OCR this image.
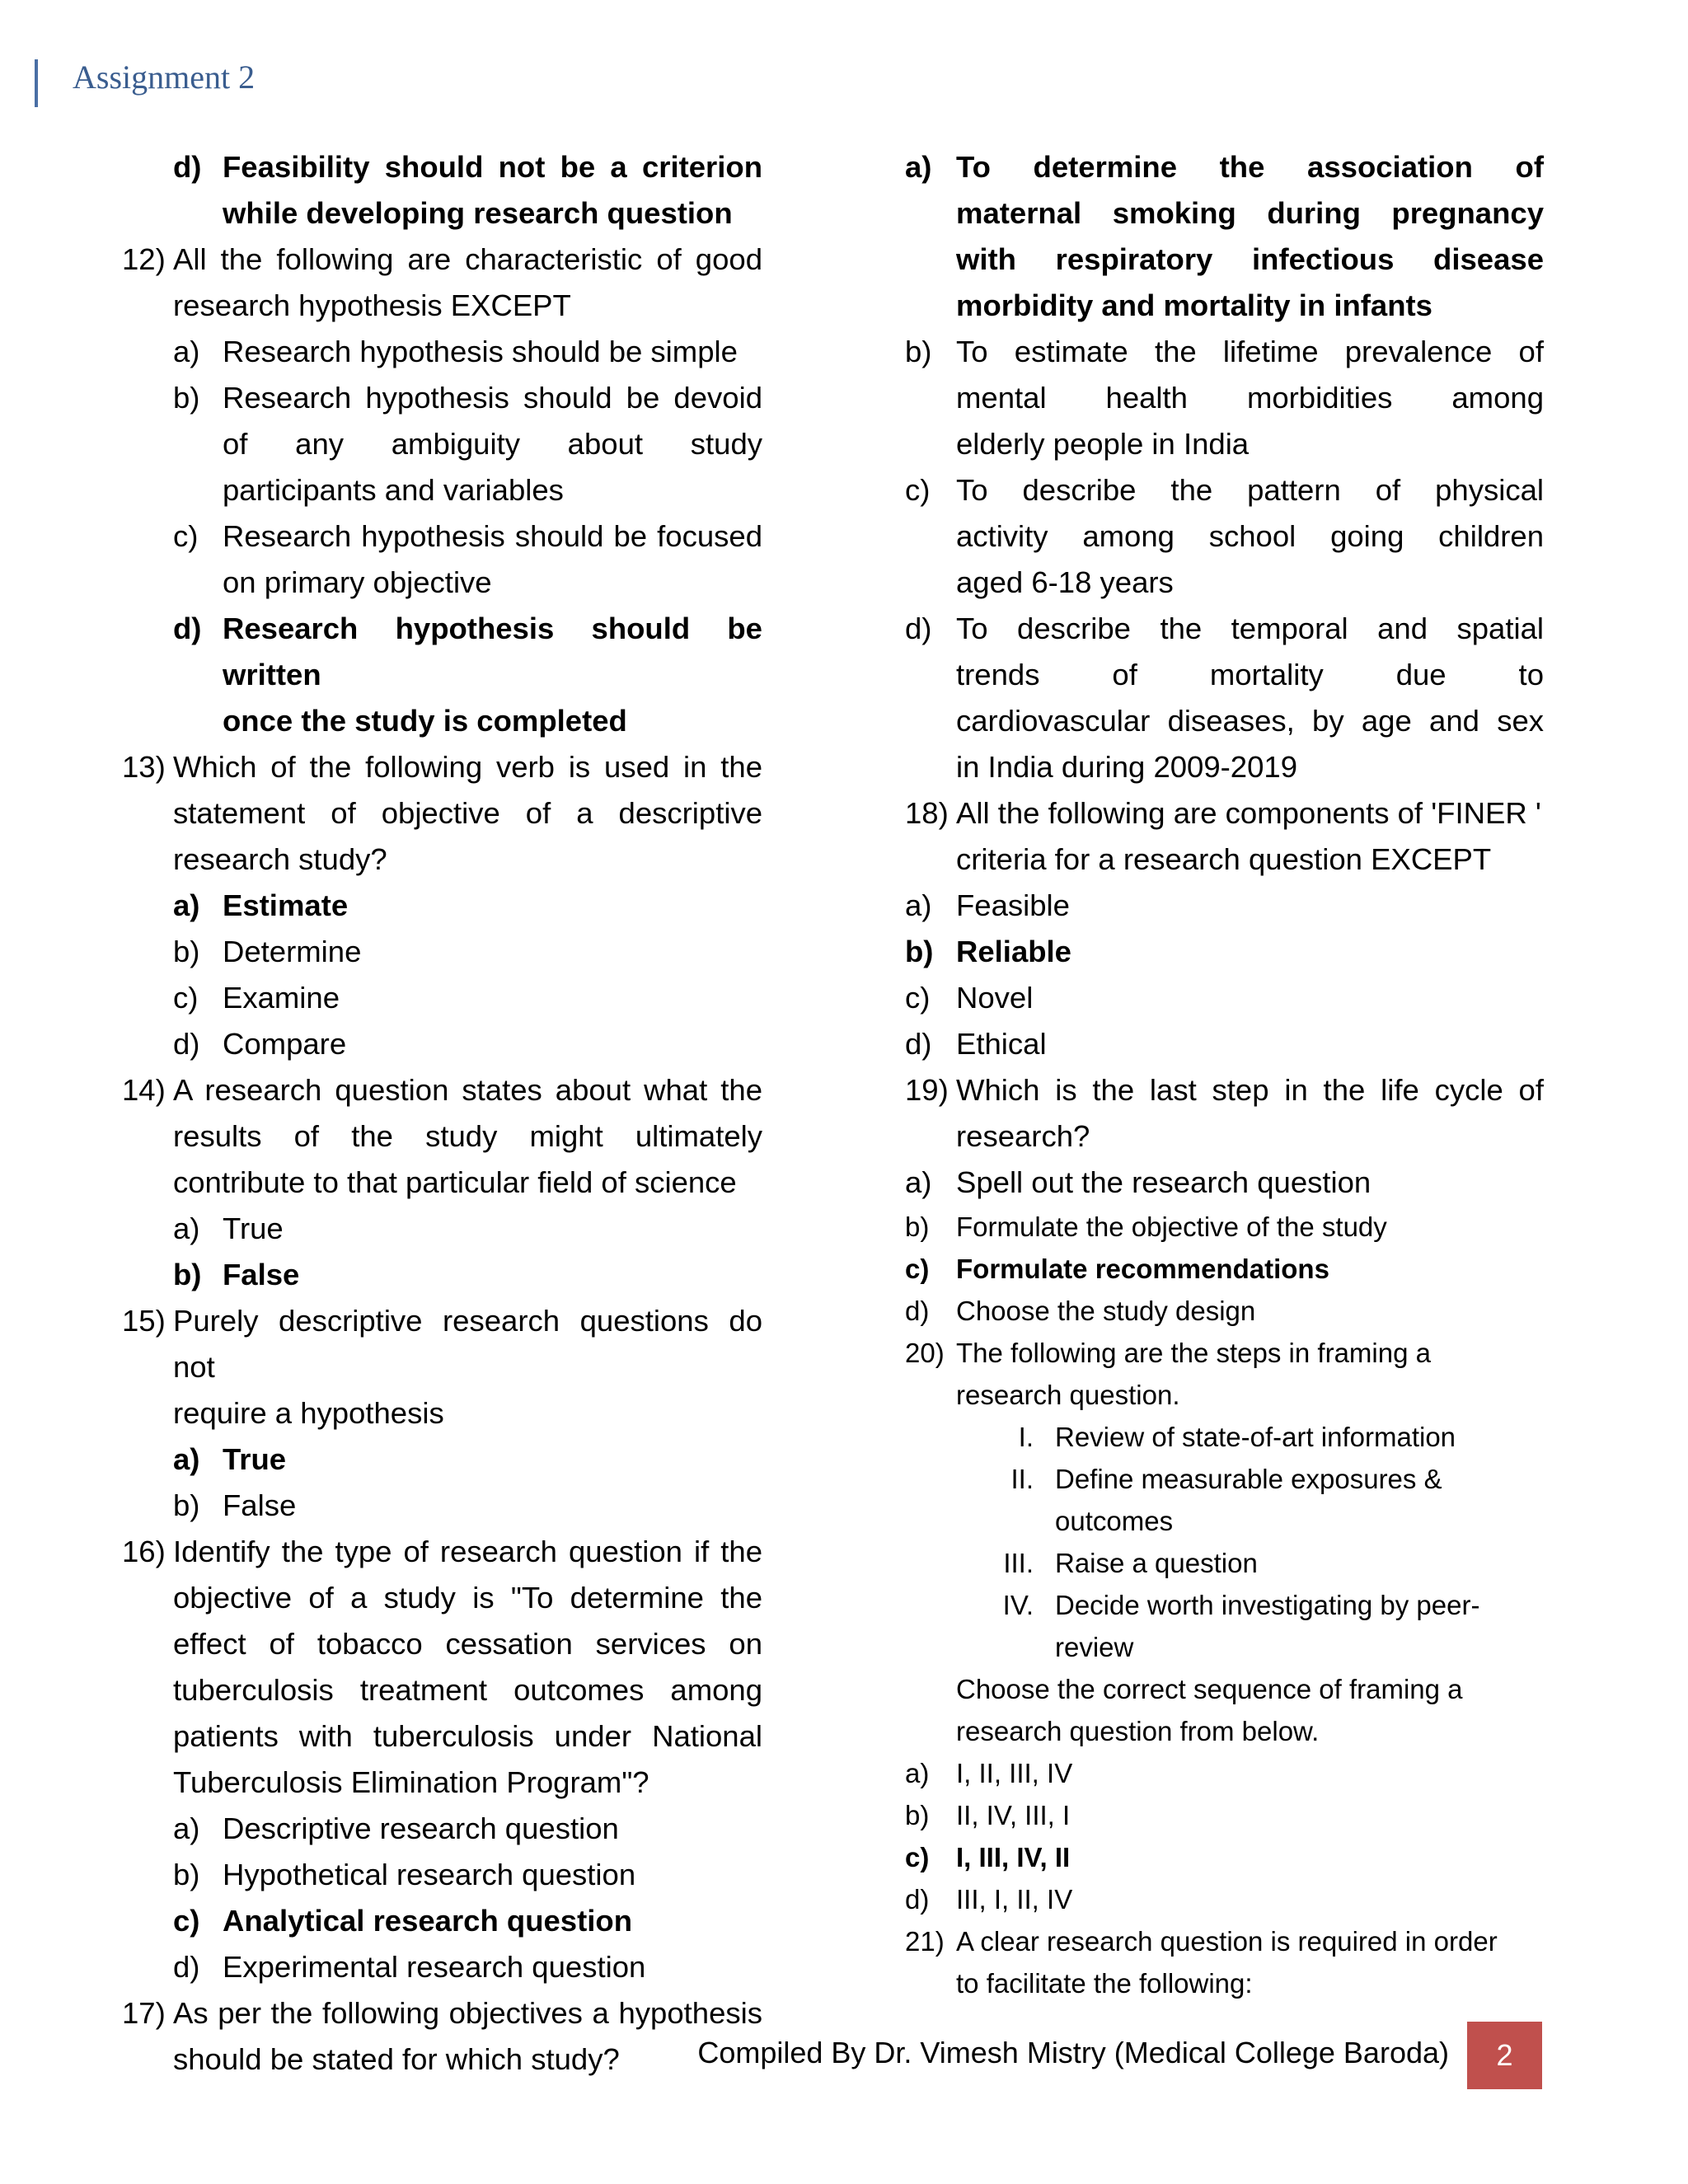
Assignment 2
d) Feasibility should not be a criterion
while developing research question
12) All the following are characteristic of good
research hypothesis EXCEPT
a) Research hypothesis should be simple
b) Research hypothesis should be devoid
of any ambiguity about study
participants and variables
c) Research hypothesis should be focused
on primary objective
d) Research hypothesis should be written
once the study is completed
13) Which of the following verb is used in the
statement of objective of a descriptive
research study?
a) Estimate
b) Determine
c) Examine
d) Compare
14) A research question states about what the
results of the study might ultimately
contribute to that particular field of science
a) True
b) False
15) Purely descriptive research questions do not
require a hypothesis
a) True
b) False
16) Identify the type of research question if the
objective of a study is "To determine the
effect of tobacco cessation services on
tuberculosis treatment outcomes among
patients with tuberculosis under National
Tuberculosis Elimination Program"?
a) Descriptive research question
b) Hypothetical research question
c) Analytical research question
d) Experimental research question
17) As per the following objectives a hypothesis
should be stated for which study?
a) To determine the association of
maternal smoking during pregnancy
with respiratory infectious disease
morbidity and mortality in infants
b) To estimate the lifetime prevalence of
mental health morbidities among
elderly people in India
c) To describe the pattern of physical
activity among school going children
aged 6-18 years
d) To describe the temporal and spatial
trends of mortality due to
cardiovascular diseases, by age and sex
in India during 2009-2019
18) All the following are components of 'FINER '
criteria for a research question EXCEPT
a) Feasible
b) Reliable
c) Novel
d) Ethical
19) Which is the last step in the life cycle of
research?
a) Spell out the research question
b) Formulate the objective of the study
c) Formulate recommendations
d) Choose the study design
20) The following are the steps in framing a
research question.
I. Review of state-of-art information
II. Define measurable exposures &
outcomes
III. Raise a question
IV. Decide worth investigating by peer-
review
Choose the correct sequence of framing a
research question from below.
a) I, II, III, IV
b) II, IV, III, I
c) I, III, IV, II
d) III, I, II, IV
21) A clear research question is required in order
to facilitate the following:
Compiled By Dr. Vimesh Mistry (Medical College Baroda)	2
